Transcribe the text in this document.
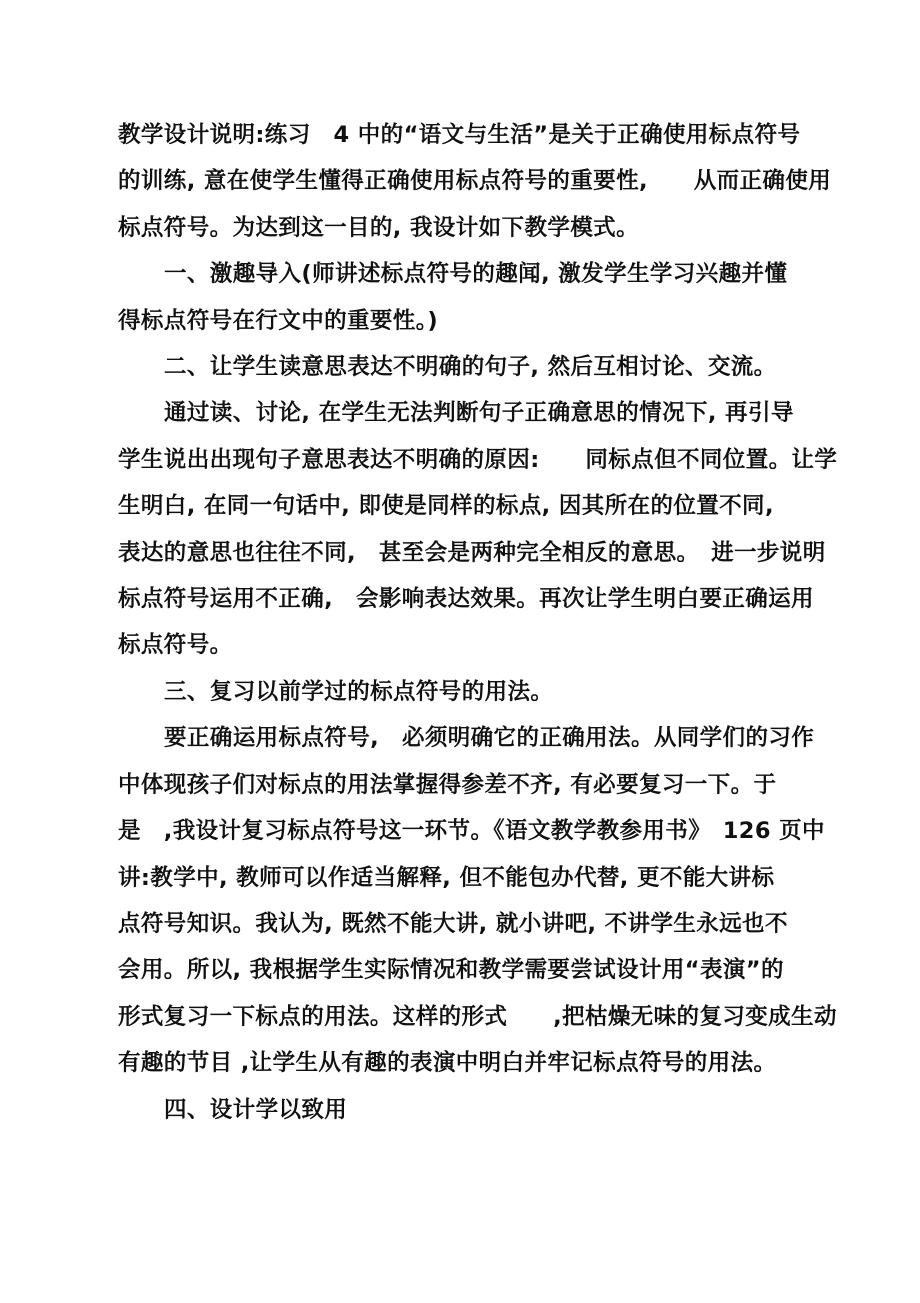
教学设计说明:练习　4 中的“语文与生活”是关于正确使用标点符号
的训练, 意在使学生懂得正确使用标点符号的重要性,　　从而正确使用
标点符号。为达到这一目的, 我设计如下教学模式。
一、激趣导入(师讲述标点符号的趣闻, 激发学生学习兴趣并懂
得标点符号在行文中的重要性。)
二、让学生读意思表达不明确的句子, 然后互相讨论、交流。
通过读、讨论, 在学生无法判断句子正确意思的情况下, 再引导
学生说出出现句子意思表达不明确的原因:　　同标点但不同位置。让学
生明白, 在同一句话中, 即使是同样的标点, 因其所在的位置不同,
表达的意思也往往不同,　甚至会是两种完全相反的意思。　进一步说明
标点符号运用不正确,　会影响表达效果。再次让学生明白要正确运用
标点符号。
三、复习以前学过的标点符号的用法。
要正确运用标点符号,　必须明确它的正确用法。从同学们的习作
中体现孩子们对标点的用法掌握得参差不齐, 有必要复习一下。于
是　,我设计复习标点符号这一环节。《语文教学教参用书》　126 页中
讲:教学中, 教师可以作适当解释, 但不能包办代替, 更不能大讲标
点符号知识。我认为, 既然不能大讲, 就小讲吧, 不讲学生永远也不
会用。所以, 我根据学生实际情况和教学需要尝试设计用“表演”的
形式复习一下标点的用法。这样的形式　　,把枯燥无味的复习变成生动
有趣的节目 ,让学生从有趣的表演中明白并牢记标点符号的用法。
四、设计学以致用
